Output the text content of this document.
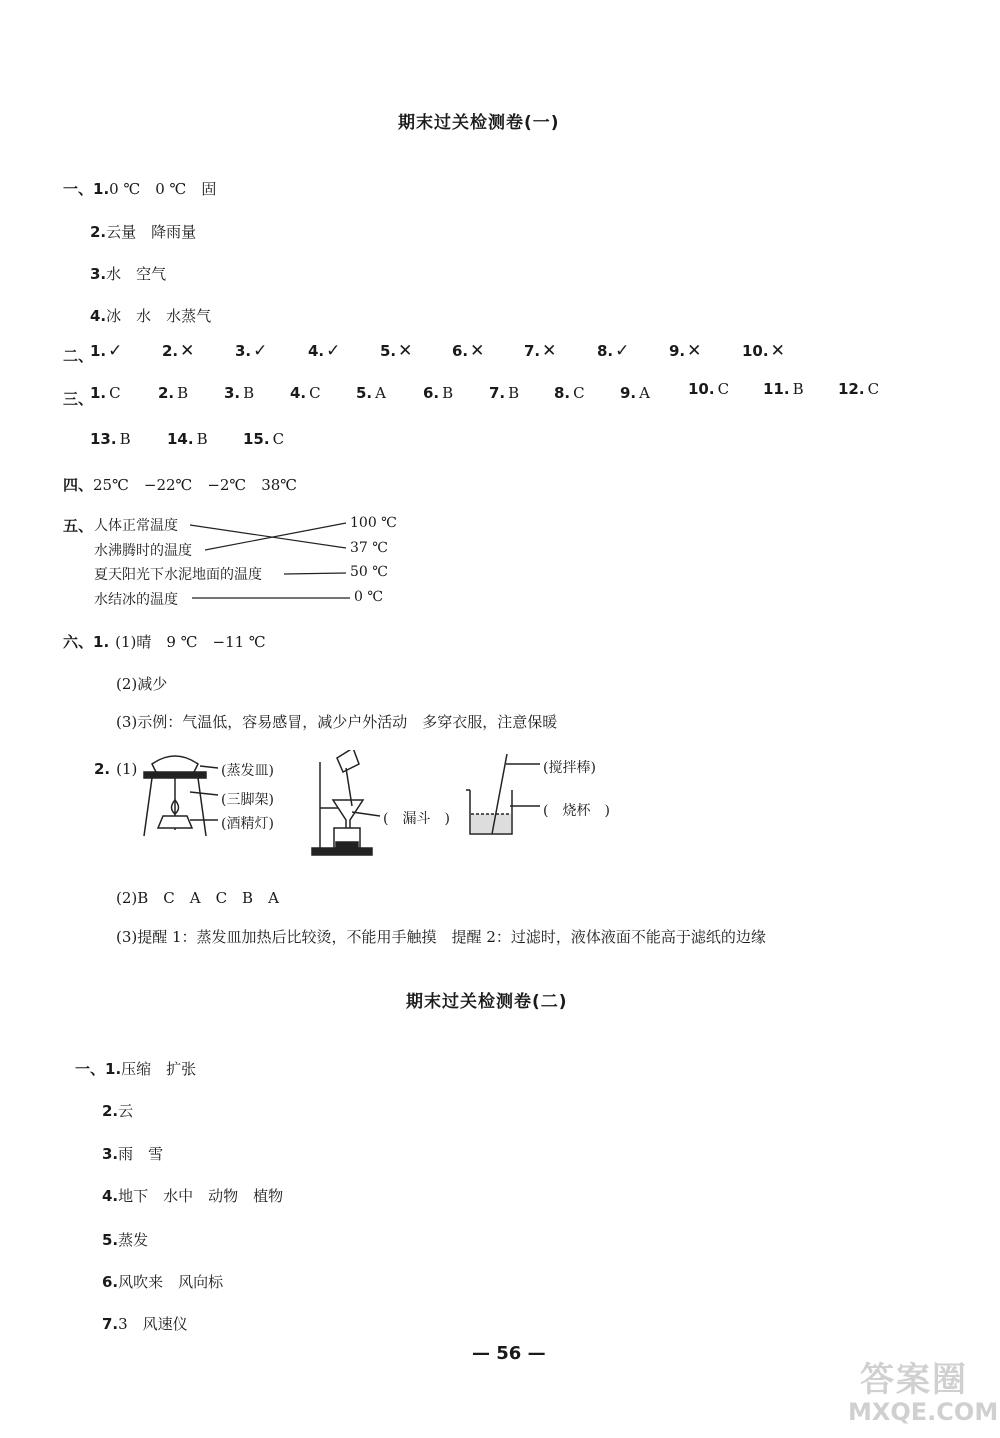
期末过关检测卷(一)
一、 1. 0 ℃　0 ℃　固
2. 云量　降雨量
3. 水　空气
4. 冰　水　水蒸气
二、
1. ✓	2. ✕	3. ✓	4. ✓	5. ✕	6. ✕	7. ✕	8. ✓	9. ✕	10. ✕
三、
1. C 2. B 3. B 4. C 5. A 6. B 7. B 8. C 9. A	10. C 11. B 12. C
13. B 14. B 15. C
四、 25℃　−22℃　−2℃　38℃
五、 人体正常温度
水沸腾时的温度
夏天阳光下水泥地面的温度
水结冰的温度
100 ℃
37 ℃
50 ℃
0 ℃
六、 1. (1)晴　9 ℃　−11 ℃
(2)减少
(3)示例：气温低，容易感冒，减少户外活动　多穿衣服，注意保暖
2. (1)	(蒸发皿)
(三脚架)
(酒精灯)	(　漏斗　)
(搅拌棒)
(　烧杯　)
(2)B　C　A　C　B　A
(3)提醒 1：蒸发皿加热后比较烫，不能用手触摸　提醒 2：过滤时，液体液面不能高于滤纸的边缘
期末过关检测卷(二)
一、 1. 压缩　扩张
2. 云
3. 雨　雪
4. 地下　水中　动物　植物
5. 蒸发
6. 风吹来　风向标
7. 3　风速仪
— 56 —
答案圈
MXQE.COM
